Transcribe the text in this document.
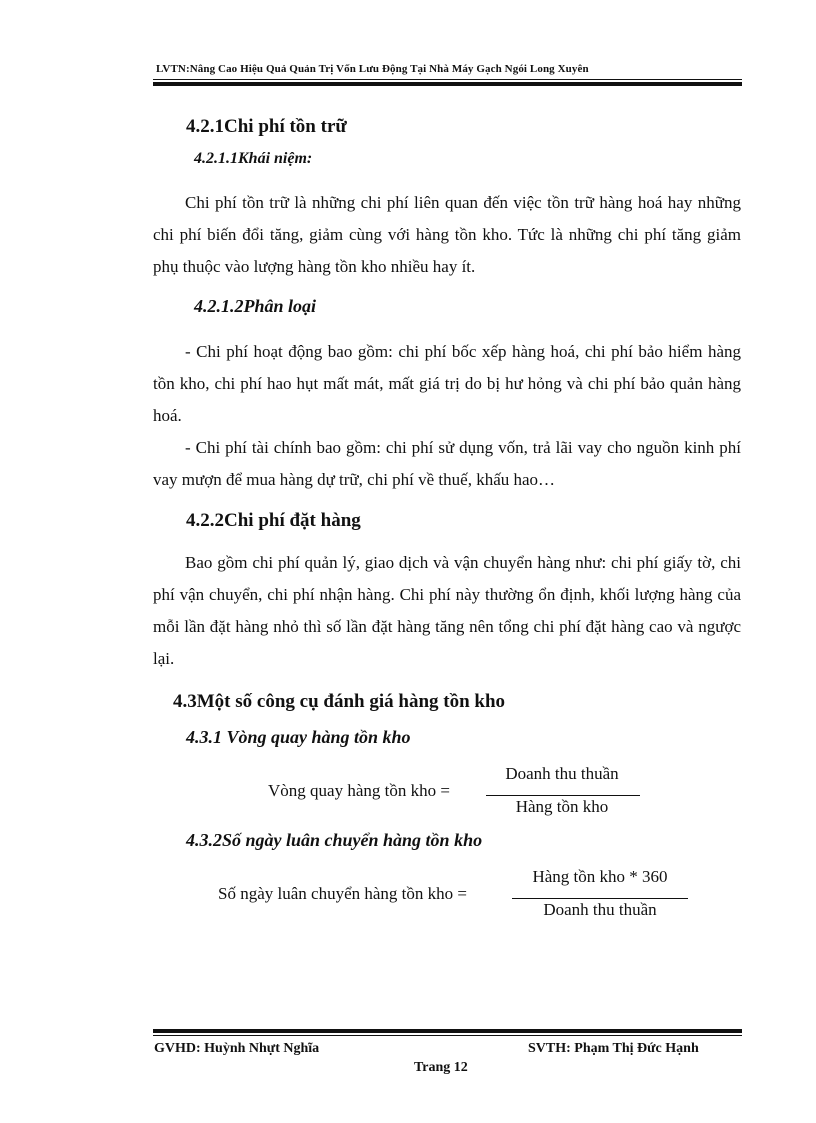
LVTN:Nâng Cao Hiệu Quả Quản Trị Vốn Lưu Động Tại Nhà Máy Gạch Ngói Long Xuyên
4.2.1Chi phí tồn trữ
4.2.1.1Khái niệm:

Chi phí tồn trữ là những chi phí liên quan đến việc tồn trữ hàng hoá hay những chi phí biến đổi tăng, giảm cùng với hàng tồn kho. Tức là những chi phí tăng giảm phụ thuộc vào lượng hàng tồn kho nhiều hay ít.

4.2.1.2Phân loại

- Chi phí hoạt động bao gồm: chi phí bốc xếp hàng hoá, chi phí bảo hiểm hàng tồn kho, chi phí hao hụt mất mát, mất giá trị do bị hư hỏng và chi phí bảo quản hàng hoá.

- Chi phí tài chính bao gồm: chi phí sử dụng vốn, trả lãi vay cho nguồn kinh phí vay mượn để mua hàng dự trữ, chi phí về thuế, khấu hao…

4.2.2Chi phí đặt hàng

Bao gồm chi phí quản lý, giao dịch và vận chuyển hàng như: chi phí giấy tờ, chi phí vận chuyển, chi phí nhận hàng. Chi phí này thường ổn định, khối lượng hàng của mỗi lần đặt hàng nhỏ thì số lần đặt hàng tăng nên tổng chi phí đặt hàng cao và ngược lại.

4.3Một số công cụ đánh giá hàng tồn kho
4.3.1 Vòng quay hàng tồn kho
Vòng quay hàng tồn kho =
Doanh thu thuần
Hàng tồn kho
4.3.2Số ngày luân chuyển hàng tồn kho
Số ngày luân chuyển hàng tồn kho =
Hàng tồn kho * 360
Doanh thu thuần
GVHD: Huỳnh Nhựt Nghĩa	SVTH: Phạm Thị Đức Hạnh
Trang 12
